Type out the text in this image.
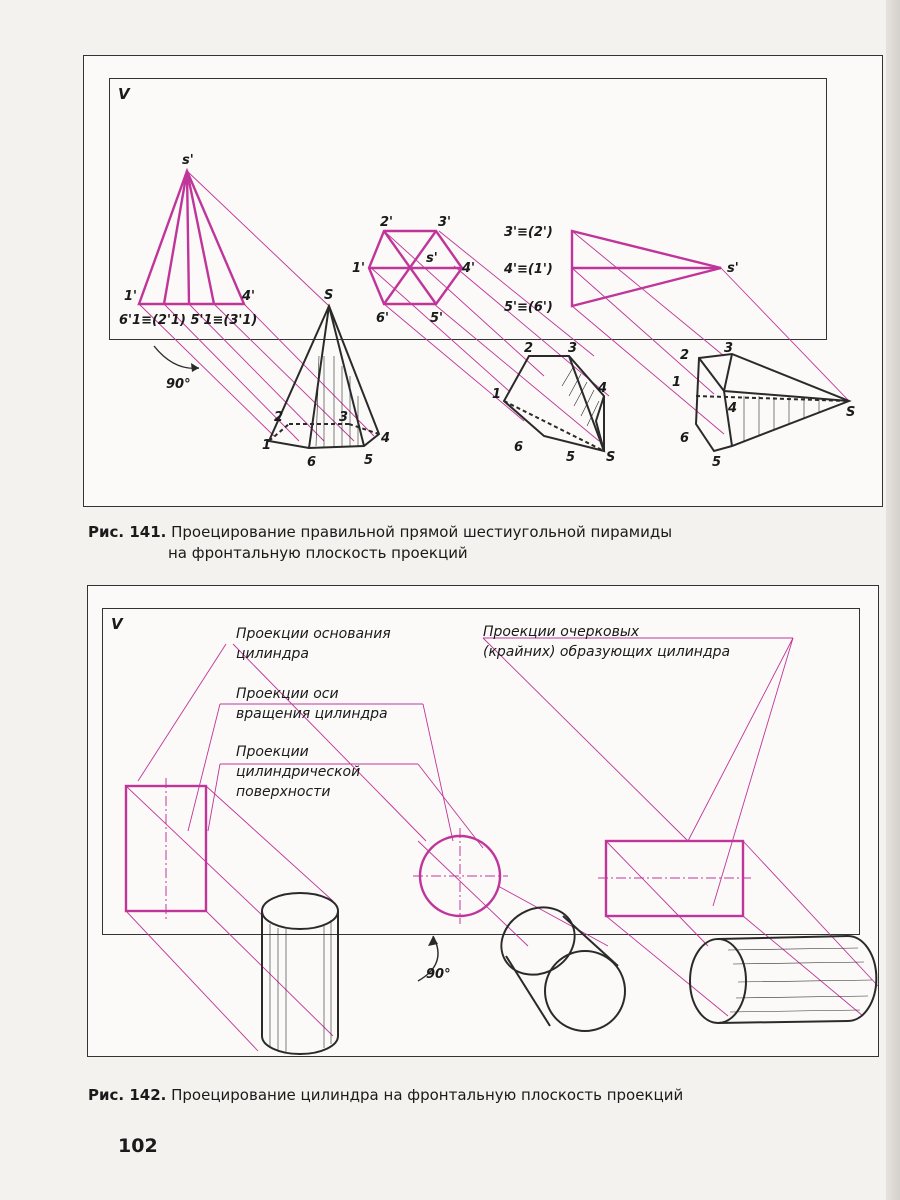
V
s'
1'	4'
6'1≡(2'1) 5'1≡(3'1)
2'	3'
1'
s'
4'
6'	5'
3'≡(2')
4'≡(1')
5'≡(6')
s'
90°
S
1
2	3
4
5
6
2	3
1	4
6
5 S
2	3
1
4
6
5
S
Рис. 141. Проецирование правильной прямой шестиугольной пирамиды
на фронтальную плоскость проекций
V
Проекции основания
цилиндра
Проекции оси
вращения цилиндра
Проекции
цилиндрической
поверхности
Проекции очерковых
(крайних) образующих цилиндра
90°
Рис. 142. Проецирование цилиндра на фронтальную плоскость проекций
102
